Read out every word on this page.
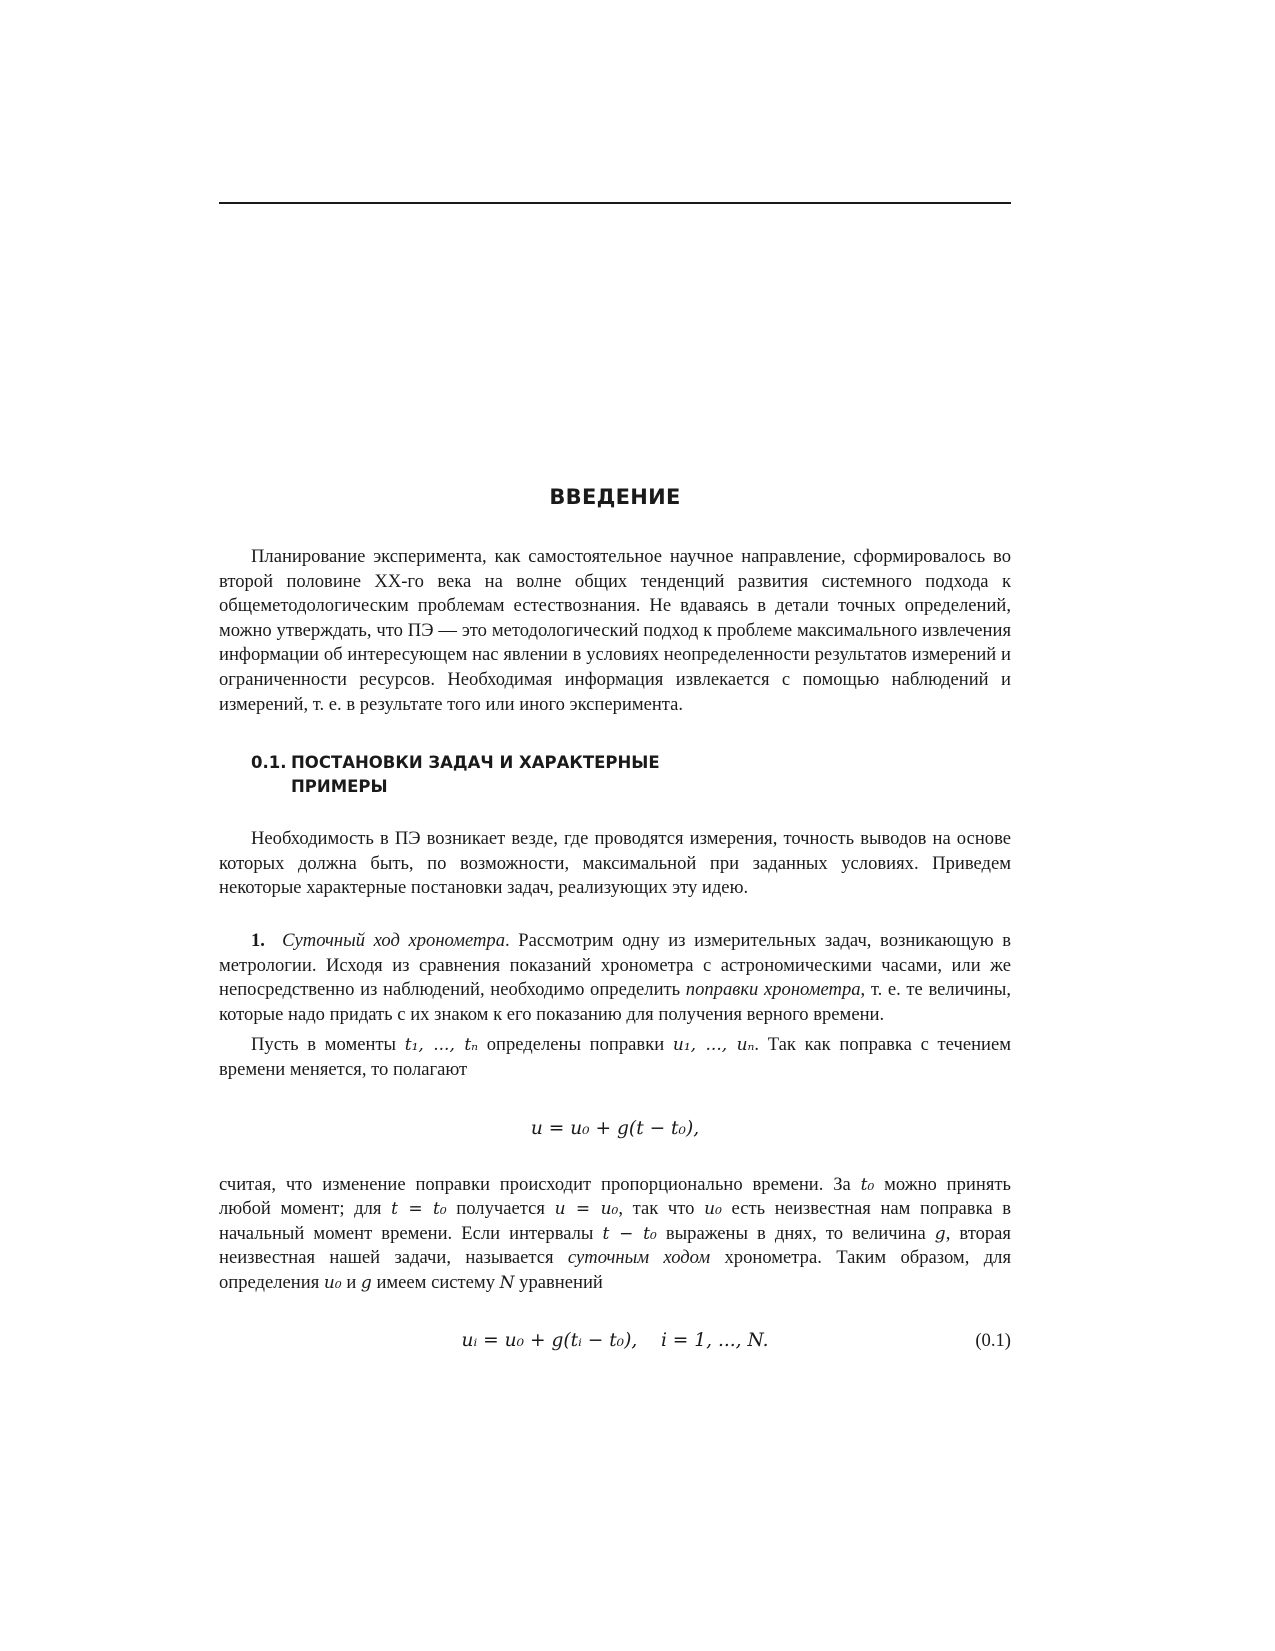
ВВЕДЕНИЕ

Планирование эксперимента, как самостоятельное научное направление, сформировалось во второй половине XX-го века на волне общих тенденций развития системного подхода к общеметодологическим проблемам естествознания. Не вдаваясь в детали точных определений, можно утверждать, что ПЭ — это методологический подход к проблеме максимального извлечения информации об интересующем нас явлении в условиях неопределенности результатов измерений и ограниченности ресурсов. Необходимая информация извлекается с помощью наблюдений и измерений, т. е. в результате того или иного эксперимента.

0.1. ПОСТАНОВКИ ЗАДАЧ И ХАРАКТЕРНЫЕ
ПРИМЕРЫ

Необходимость в ПЭ возникает везде, где проводятся измерения, точность выводов на основе которых должна быть, по возможности, максимальной при заданных условиях. Приведем некоторые характерные постановки задач, реализующих эту идею.

1. Суточный ход хронометра. Рассмотрим одну из измерительных задач, возникающую в метрологии. Исходя из сравнения показаний хронометра с астрономическими часами, или же непосредственно из наблюдений, необходимо определить поправки хронометра, т. е. те величины, которые надо придать с их знаком к его показанию для получения верного времени.

Пусть в моменты t₁, ..., tₙ определены поправки u₁, ..., uₙ. Так как поправка с течением времени меняется, то полагают

u = u₀ + g(t − t₀),

считая, что изменение поправки происходит пропорционально времени. За t₀ можно принять любой момент; для t = t₀ получается u = u₀, так что u₀ есть неизвестная нам поправка в начальный момент времени. Если интервалы t − t₀ выражены в днях, то величина g, вторая неизвестная нашей задачи, называется суточным ходом хронометра. Таким образом, для определения u₀ и g имеем систему N уравнений

uᵢ = u₀ + g(tᵢ − t₀),    i = 1, ..., N.	(0.1)
